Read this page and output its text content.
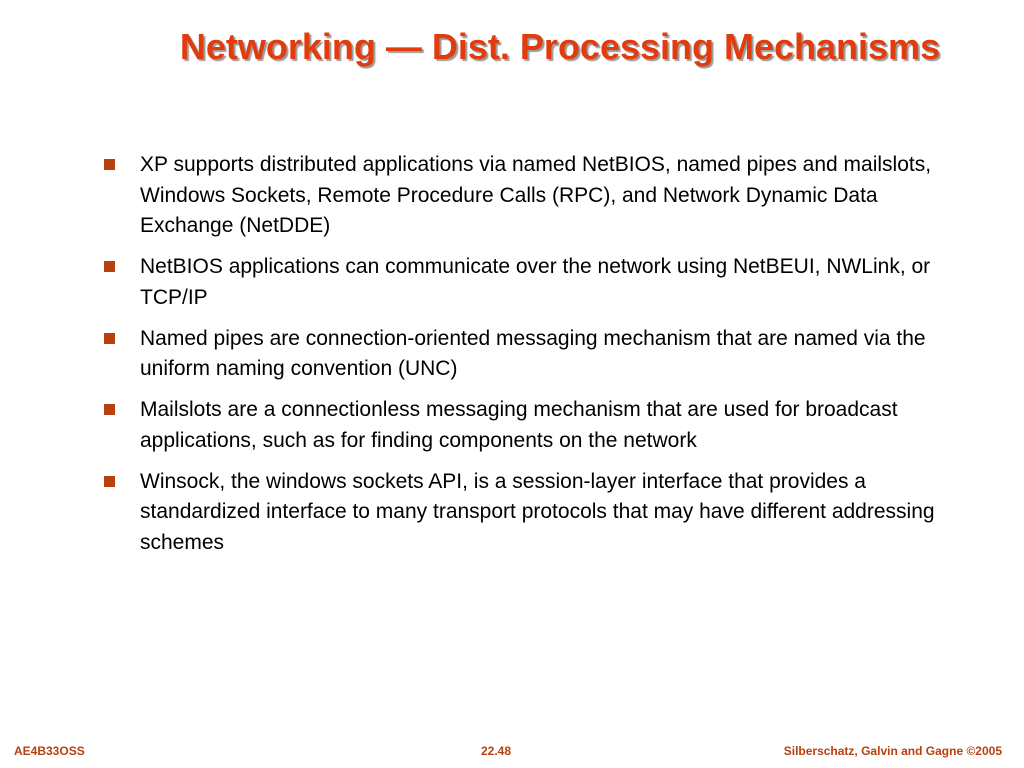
Networking — Dist. Processing Mechanisms
XP supports distributed applications via named NetBIOS, named pipes and mailslots, Windows Sockets, Remote Procedure Calls (RPC), and Network Dynamic Data Exchange (NetDDE)
NetBIOS applications can communicate over the network using NetBEUI, NWLink, or TCP/IP
Named pipes are connection-oriented messaging mechanism that are named via the uniform naming convention (UNC)
Mailslots are a connectionless messaging mechanism that are used for broadcast applications, such as for finding components on the network
Winsock, the windows sockets API, is a session-layer interface that provides a standardized interface to many transport protocols that may have different addressing schemes
AE4B33OSS	22.48	Silberschatz, Galvin and Gagne ©2005
